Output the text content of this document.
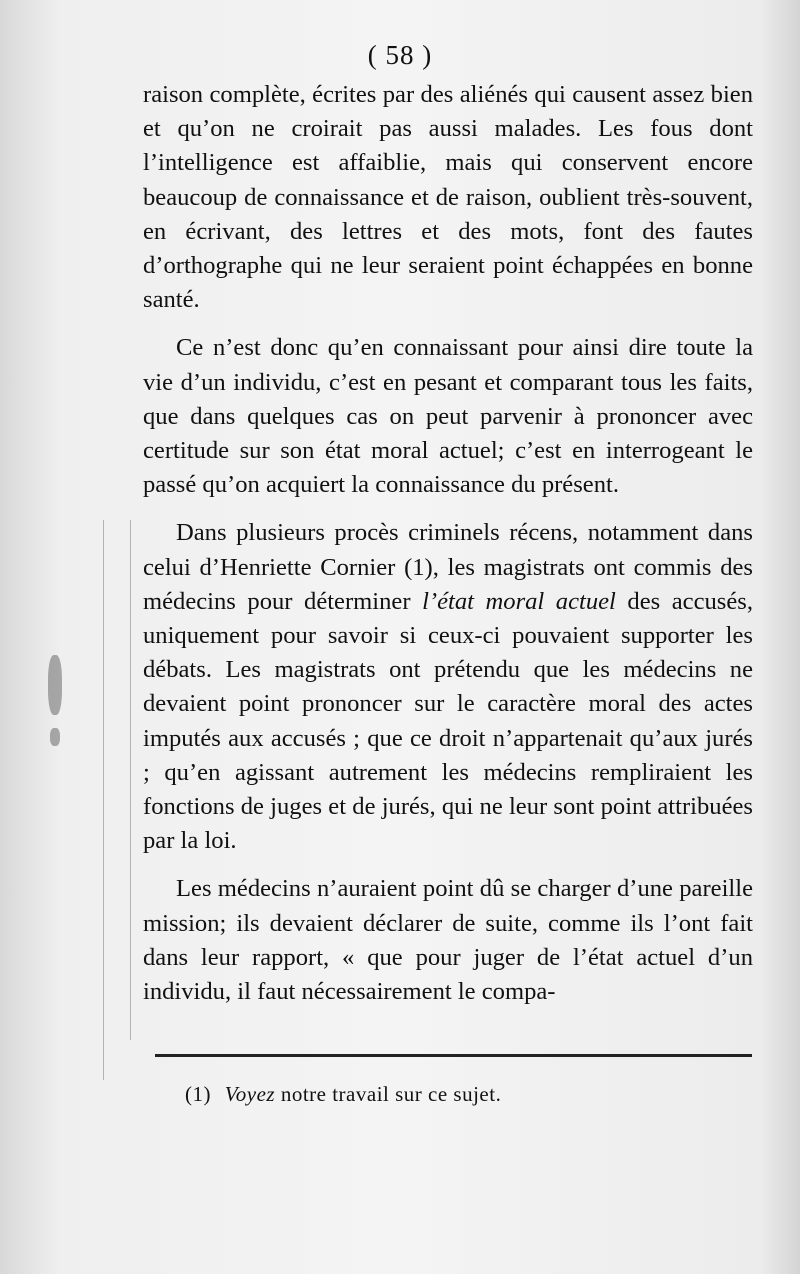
( 58 )

raison complète, écrites par des aliénés qui causent assez bien et qu’on ne croirait pas aussi malades. Les fous dont l’intelligence est affaiblie, mais qui conservent encore beaucoup de connaissance et de raison, oublient très-souvent, en écrivant, des lettres et des mots, font des fautes d’orthographe qui ne leur seraient point échappées en bonne santé.

Ce n’est donc qu’en connaissant pour ainsi dire toute la vie d’un individu, c’est en pesant et comparant tous les faits, que dans quelques cas on peut parvenir à prononcer avec certitude sur son état moral actuel; c’est en interrogeant le passé qu’on acquiert la connaissance du présent.

Dans plusieurs procès criminels récens, notamment dans celui d’Henriette Cornier (1), les magistrats ont commis des médecins pour déterminer l’état moral actuel des accusés, uniquement pour savoir si ceux-ci pouvaient supporter les débats. Les magistrats ont prétendu que les médecins ne devaient point prononcer sur le caractère moral des actes imputés aux accusés ; que ce droit n’appartenait qu’aux jurés ; qu’en agissant autrement les médecins rempliraient les fonctions de juges et de jurés, qui ne leur sont point attribuées par la loi.

Les médecins n’auraient point dû se charger d’une pareille mission; ils devaient déclarer de suite, comme ils l’ont fait dans leur rapport, « que pour juger de l’état actuel d’un individu, il faut nécessairement le compa-

(1) Voyez notre travail sur ce sujet.
